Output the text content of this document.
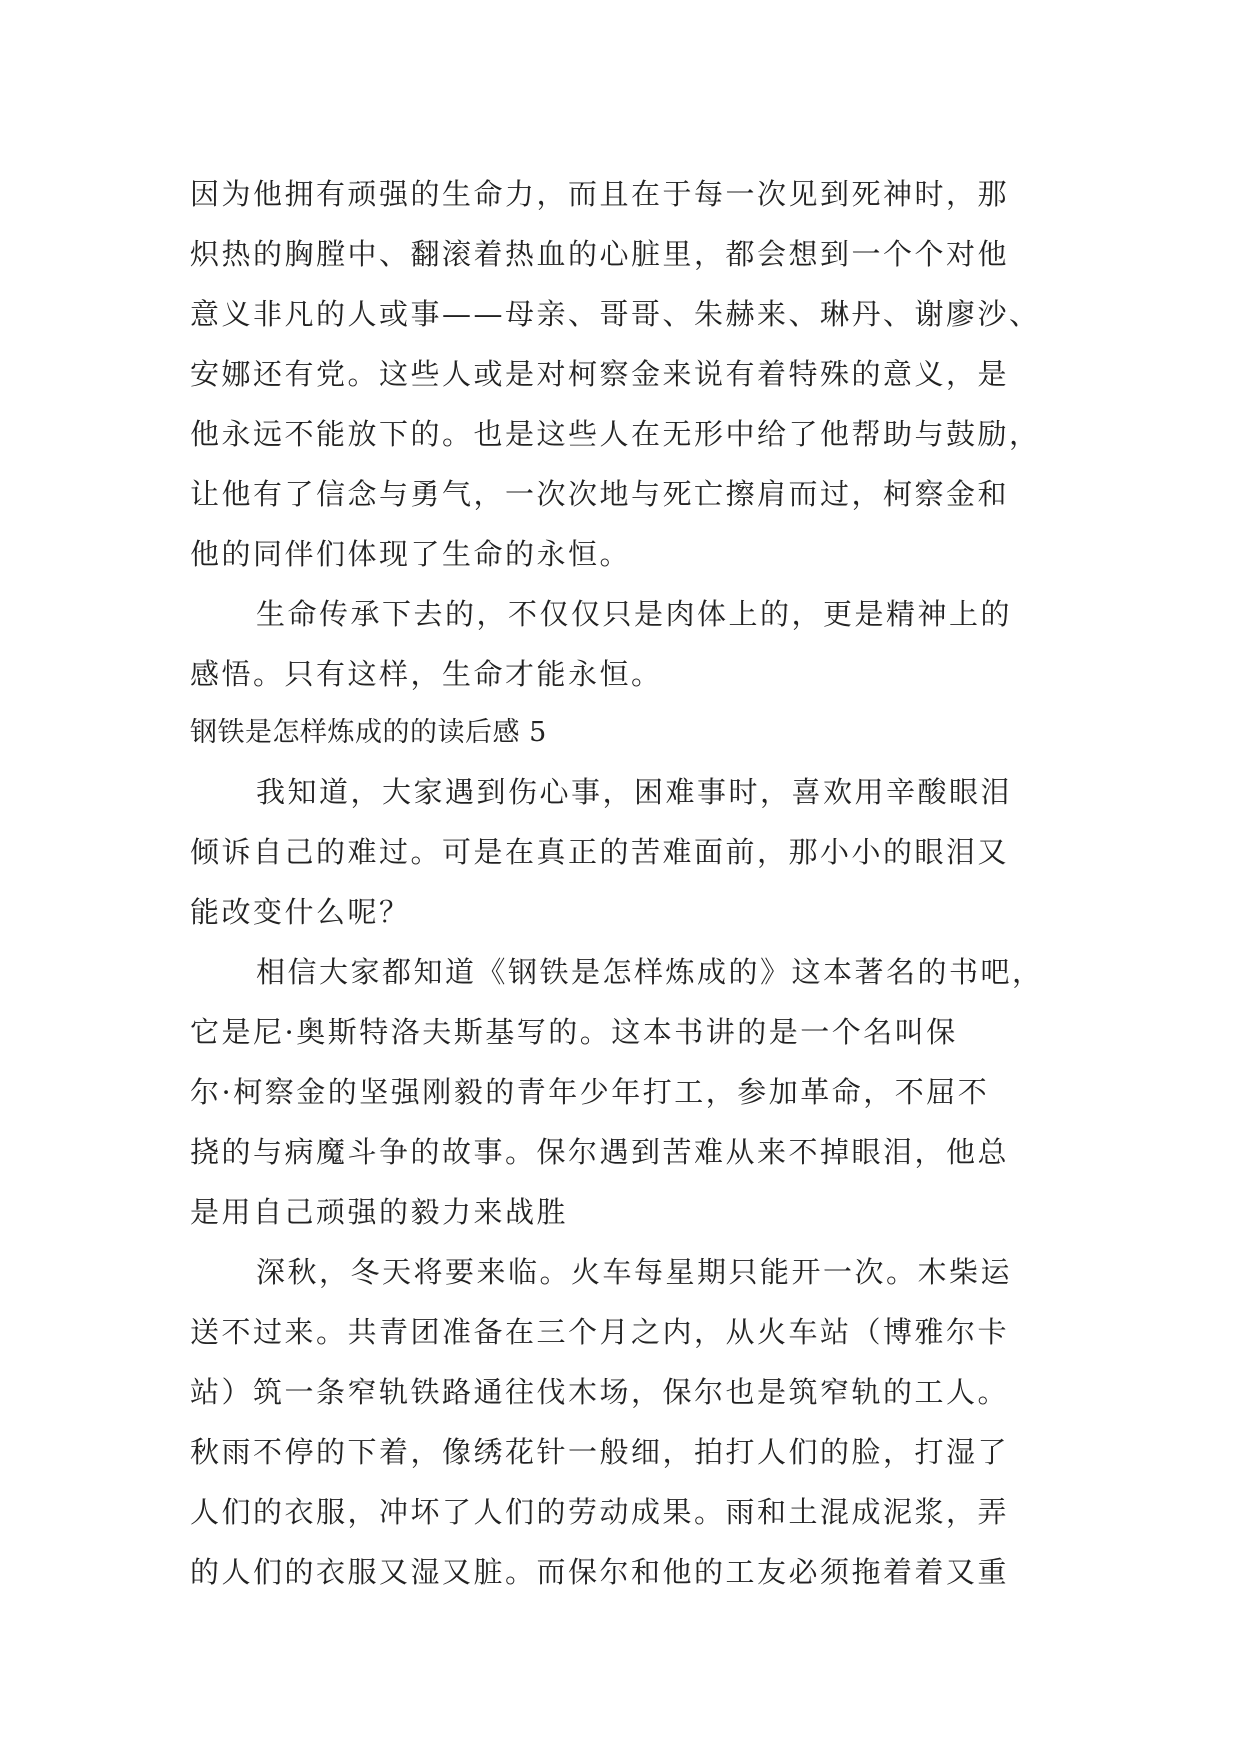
因为他拥有顽强的生命力，而且在于每一次见到死神时，那
炽热的胸膛中、翻滚着热血的心脏里，都会想到一个个对他
意义非凡的人或事——母亲、哥哥、朱赫来、琳丹、谢廖沙、
安娜还有党。这些人或是对柯察金来说有着特殊的意义，是
他永远不能放下的。也是这些人在无形中给了他帮助与鼓励，
让他有了信念与勇气，一次次地与死亡擦肩而过，柯察金和
他的同伴们体现了生命的永恒。
生命传承下去的，不仅仅只是肉体上的，更是精神上的
感悟。只有这样，生命才能永恒。
钢铁是怎样炼成的的读后感 5
我知道，大家遇到伤心事，困难事时，喜欢用辛酸眼泪
倾诉自己的难过。可是在真正的苦难面前，那小小的眼泪又
能改变什么呢？
相信大家都知道《钢铁是怎样炼成的》这本著名的书吧，
它是尼·奥斯特洛夫斯基写的。这本书讲的是一个名叫保
尔·柯察金的坚强刚毅的青年少年打工，参加革命，不屈不
挠的与病魔斗争的故事。保尔遇到苦难从来不掉眼泪，他总
是用自己顽强的毅力来战胜
深秋，冬天将要来临。火车每星期只能开一次。木柴运
送不过来。共青团准备在三个月之内，从火车站（博雅尔卡
站）筑一条窄轨铁路通往伐木场，保尔也是筑窄轨的工人。
秋雨不停的下着，像绣花针一般细，拍打人们的脸，打湿了
人们的衣服，冲坏了人们的劳动成果。雨和土混成泥浆，弄
的人们的衣服又湿又脏。而保尔和他的工友必须拖着着又重
